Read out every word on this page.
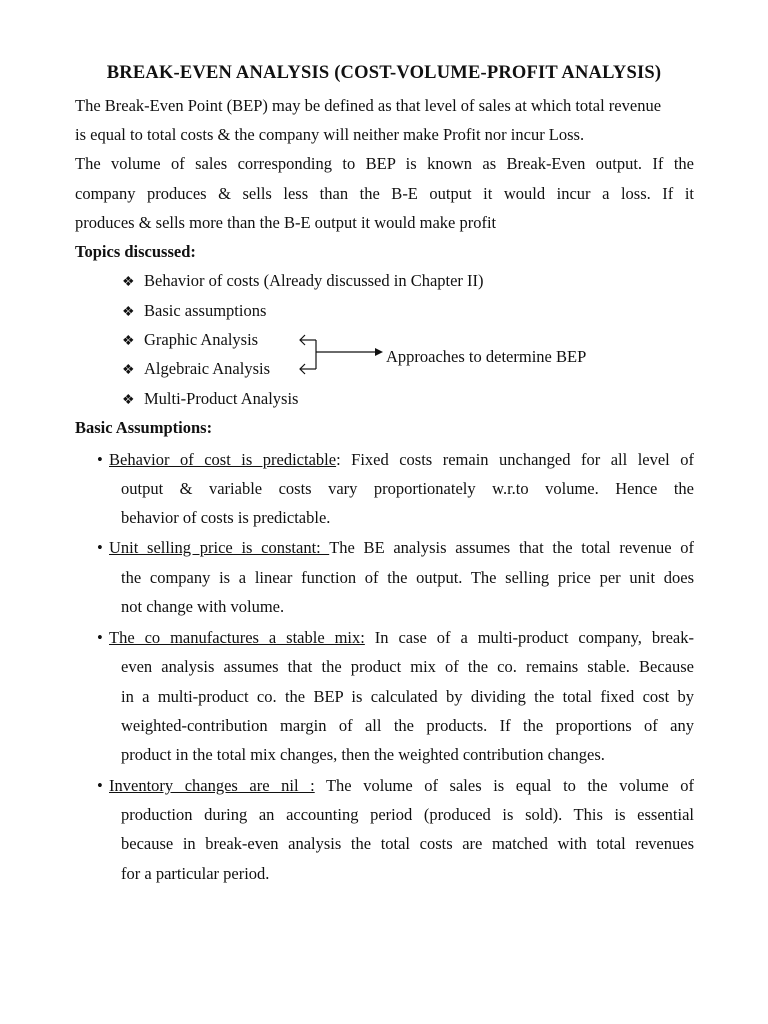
BREAK-EVEN ANALYSIS (COST-VOLUME-PROFIT ANALYSIS)
The Break-Even Point (BEP) may be defined as that level of sales at which total revenue
is equal to total costs & the company will neither make Profit nor incur Loss.
The volume of sales corresponding to BEP is known as Break-Even output. If the
company produces & sells less than the B-E output it would incur a loss. If it
produces & sells more than the B-E output it would make profit
Topics discussed:
❖ Behavior of costs (Already discussed in Chapter II)
❖ Basic assumptions
❖ Graphic Analysis
❖ Algebraic Analysis
❖ Multi-Product Analysis
Approaches to determine BEP
Basic Assumptions:
• Behavior of cost is predictable: Fixed costs remain unchanged for all level of
output & variable costs vary proportionately w.r.to volume. Hence the
behavior of costs is predictable.
• Unit selling price is constant: The BE analysis assumes that the total revenue of
the company is a linear function of the output. The selling price per unit does
not change with volume.
• The co manufactures a stable mix: In case of a multi-product company, break-
even analysis assumes that the product mix of the co. remains stable. Because
in a multi-product co. the BEP is calculated by dividing the total fixed cost by
weighted-contribution margin of all the products. If the proportions of any
product in the total mix changes, then the weighted contribution changes.
• Inventory changes are nil : The volume of sales is equal to the volume of
production during an accounting period (produced is sold). This is essential
because in break-even analysis the total costs are matched with total revenues
for a particular period.
